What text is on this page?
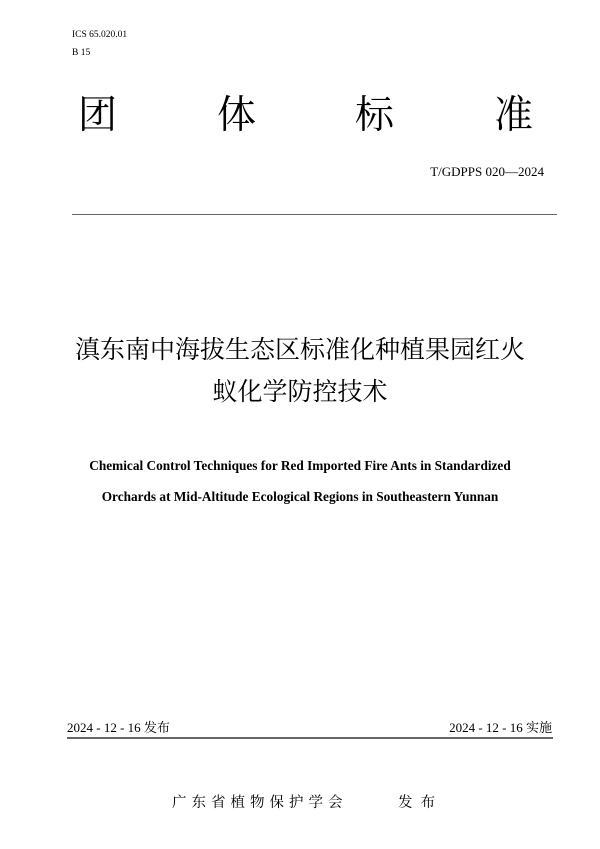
ICS 65.020.01
B 15
团	体	标	准
T/GDPPS 020—2024
滇东南中海拔生态区标准化种植果园红火
蚁化学防控技术
Chemical Control Techniques for Red Imported Fire Ants in Standardized
Orchards at Mid-Altitude Ecological Regions in Southeastern Yunnan
2024 - 12 - 16 发布	2024 - 12 - 16 实施
广东省植物保护学会	发布
